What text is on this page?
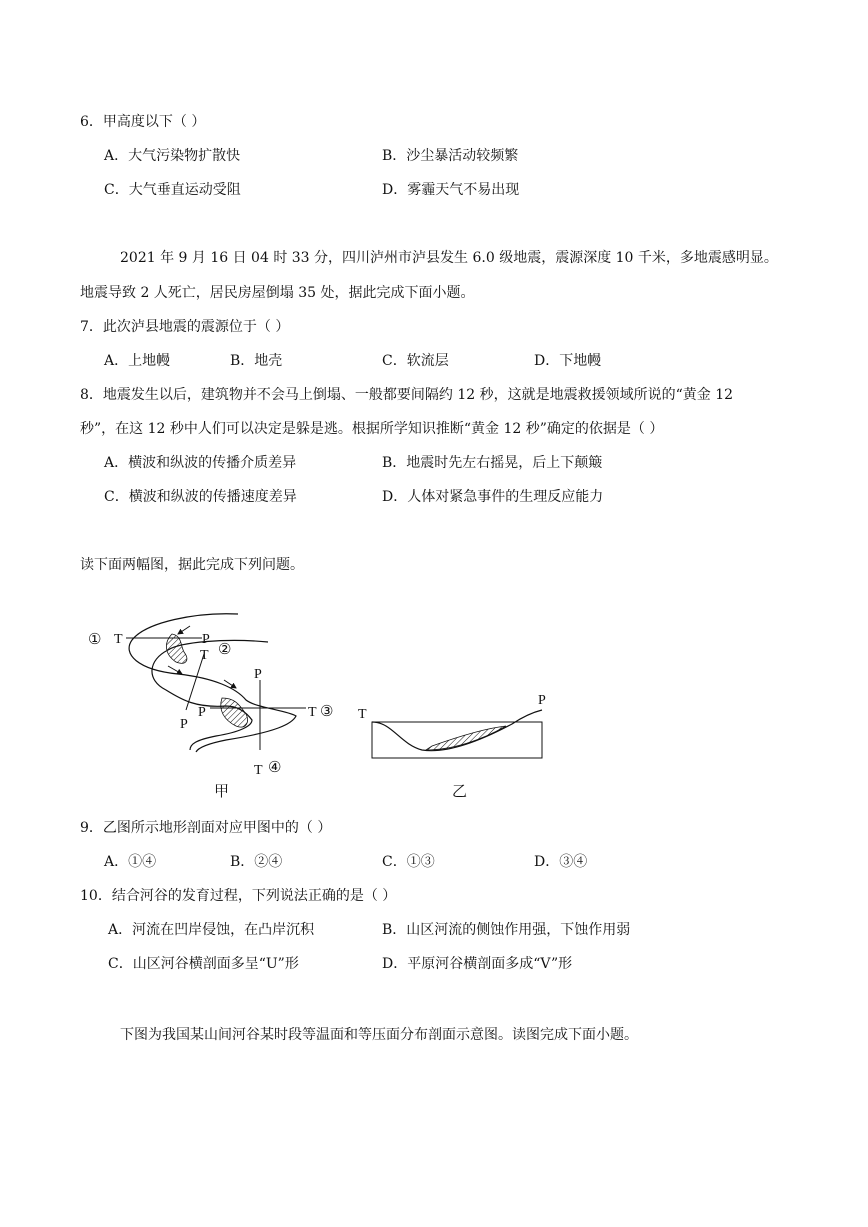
6．甲高度以下（ ）
A．大气污染物扩散快	B．沙尘暴活动较频繁
C．大气垂直运动受阻	D．雾霾天气不易出现
2021 年 9 月 16 日 04 时 33 分，四川泸州市泸县发生 6.0 级地震，震源深度 10 千米，多地震感明显。
地震导致 2 人死亡，居民房屋倒塌 35 处，据此完成下面小题。
7．此次泸县地震的震源位于（ ）
A．上地幔	B．地壳	C．软流层	D．下地幔
8．地震发生以后，建筑物并不会马上倒塌、一般都要间隔约 12 秒，这就是地震救援领域所说的“黄金 12
秒”，在这 12 秒中人们可以决定是躲是逃。根据所学知识推断“黄金 12 秒”确定的依据是（ ）
A．横波和纵波的传播介质差异	B．地震时先左右摇晃，后上下颠簸
C．横波和纵波的传播速度差异	D．人体对紧急事件的生理反应能力
读下面两幅图，据此完成下列问题。
① T	P
②
T
P
P
P
T ③
T ④
甲
T
P
乙
9．乙图所示地形剖面对应甲图中的（ ）
A．①④	B．②④	C．①③	D．③④
10．结合河谷的发育过程，下列说法正确的是（ ）
A．河流在凹岸侵蚀，在凸岸沉积	B．山区河流的侧蚀作用强，下蚀作用弱
C．山区河谷横剖面多呈“U”形	D．平原河谷横剖面多成“V”形
下图为我国某山间河谷某时段等温面和等压面分布剖面示意图。读图完成下面小题。
